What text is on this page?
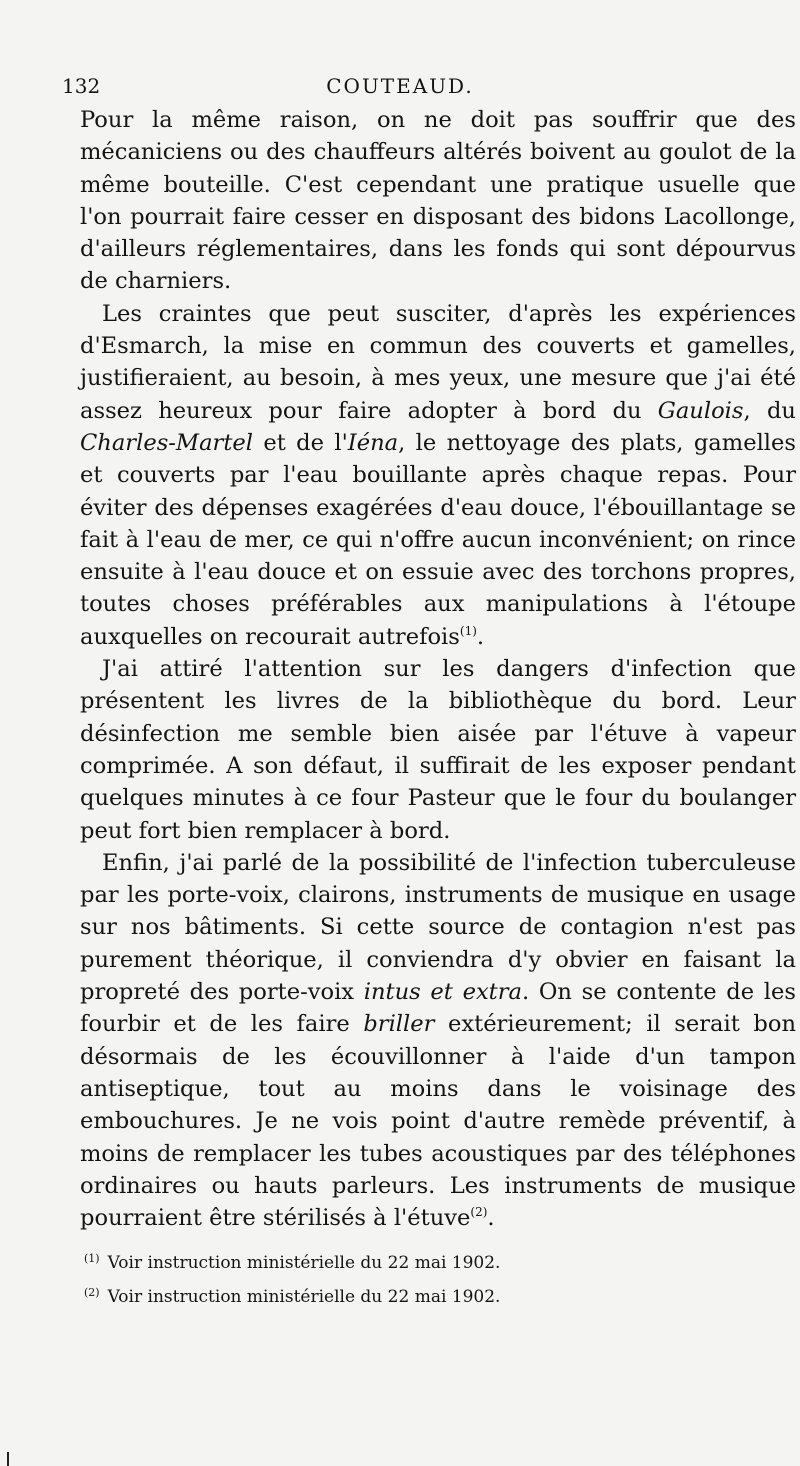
132	COUTEAUD.

Pour la même raison, on ne doit pas souffrir que des mécaniciens ou des chauffeurs altérés boivent au goulot de la même bouteille. C'est cependant une pratique usuelle que l'on pourrait faire cesser en disposant des bidons Lacollonge, d'ailleurs réglementaires, dans les fonds qui sont dépourvus de charniers.

Les craintes que peut susciter, d'après les expériences d'Esmarch, la mise en commun des couverts et gamelles, justifieraient, au besoin, à mes yeux, une mesure que j'ai été assez heureux pour faire adopter à bord du Gaulois, du Charles-Martel et de l'Iéna, le nettoyage des plats, gamelles et couverts par l'eau bouillante après chaque repas. Pour éviter des dépenses exagérées d'eau douce, l'ébouillantage se fait à l'eau de mer, ce qui n'offre aucun inconvénient; on rince ensuite à l'eau douce et on essuie avec des torchons propres, toutes choses préférables aux manipulations à l'étoupe auxquelles on recourait autrefois$^{(1)}$.

J'ai attiré l'attention sur les dangers d'infection que présentent les livres de la bibliothèque du bord. Leur désinfection me semble bien aisée par l'étuve à vapeur comprimée. A son défaut, il suffirait de les exposer pendant quelques minutes à ce four Pasteur que le four du boulanger peut fort bien remplacer à bord.

Enfin, j'ai parlé de la possibilité de l'infection tuberculeuse par les porte-voix, clairons, instruments de musique en usage sur nos bâtiments. Si cette source de contagion n'est pas purement théorique, il conviendra d'y obvier en faisant la propreté des porte-voix intus et extra. On se contente de les fourbir et de les faire briller extérieurement; il serait bon désormais de les écouvillonner à l'aide d'un tampon antiseptique, tout au moins dans le voisinage des embouchures. Je ne vois point d'autre remède préventif, à moins de remplacer les tubes acoustiques par des téléphones ordinaires ou hauts parleurs. Les instruments de musique pourraient être stérilisés à l'étuve$^{(2)}$.

$^{(1)}$ Voir instruction ministérielle du 22 mai 1902.

$^{(2)}$ Voir instruction ministérielle du 22 mai 1902.
